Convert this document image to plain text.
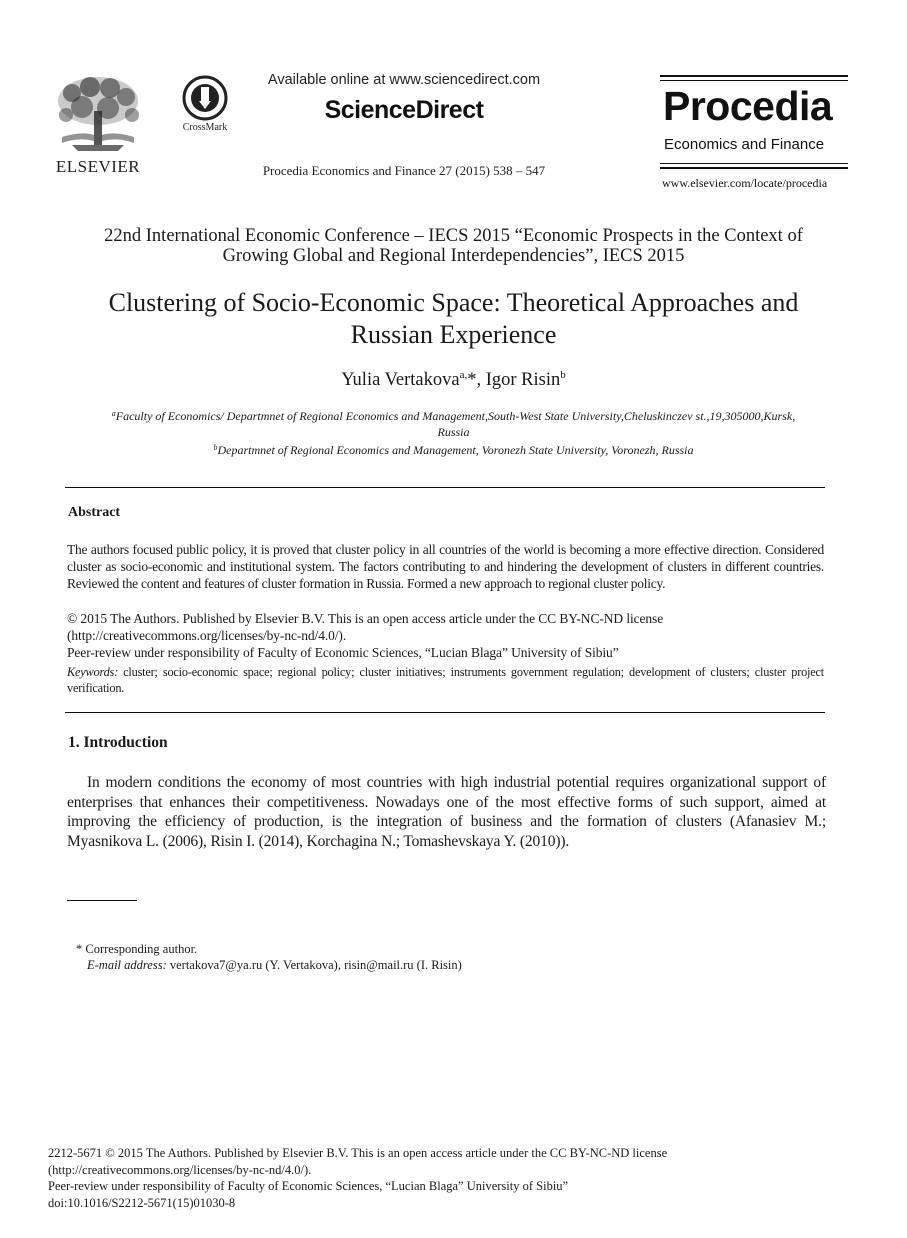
ELSEVIER
CrossMark
Available online at www.sciencedirect.com
ScienceDirect
Procedia Economics and Finance 27 (2015) 538 – 547
Procedia
Economics and Finance
www.elsevier.com/locate/procedia
22nd International Economic Conference – IECS 2015 “Economic Prospects in the Context of
Growing Global and Regional Interdependencies”, IECS 2015
Clustering of Socio-Economic Space: Theoretical Approaches and
Russian Experience
Yulia Vertakova$^{a,}$*, Igor Risin$^b$
$^a$Faculty of Economics/ Departmnet of Regional Economics and Management,South-West State University,Cheluskinczev st.,19,305000,Kursk,
Russia
$^b$Departmnet of Regional Economics and Management, Voronezh State University, Voronezh, Russia
Abstract
The authors focused public policy, it is proved that cluster policy in all countries of the world is becoming a more effective direction. Considered cluster as socio-economic and institutional system. The factors contributing to and hindering the development of clusters in different countries. Reviewed the content and features of cluster formation in Russia. Formed a new approach to regional cluster policy.
© 2015 The Authors. Published by Elsevier B.V. This is an open access article under the CC BY-NC-ND license
(http://creativecommons.org/licenses/by-nc-nd/4.0/).
Peer-review under responsibility of Faculty of Economic Sciences, “Lucian Blaga” University of Sibiu”
Keywords: cluster; socio-economic space; regional policy; cluster initiatives; instruments government regulation; development of clusters; cluster project verification.
1. Introduction
In modern conditions the economy of most countries with high industrial potential requires organizational support of enterprises that enhances their competitiveness. Nowadays one of the most effective forms of such support, aimed at improving the efficiency of production, is the integration of business and the formation of clusters (Afanasiev M.; Myasnikova L. (2006), Risin I. (2014), Korchagina N.; Tomashevskaya Y. (2010)).
* Corresponding author.
E-mail address: vertakova7@ya.ru (Y. Vertakova), risin@mail.ru (I. Risin)
2212-5671 © 2015 The Authors. Published by Elsevier B.V. This is an open access article under the CC BY-NC-ND license
(http://creativecommons.org/licenses/by-nc-nd/4.0/).
Peer-review under responsibility of Faculty of Economic Sciences, “Lucian Blaga” University of Sibiu”
doi:10.1016/S2212-5671(15)01030-8
